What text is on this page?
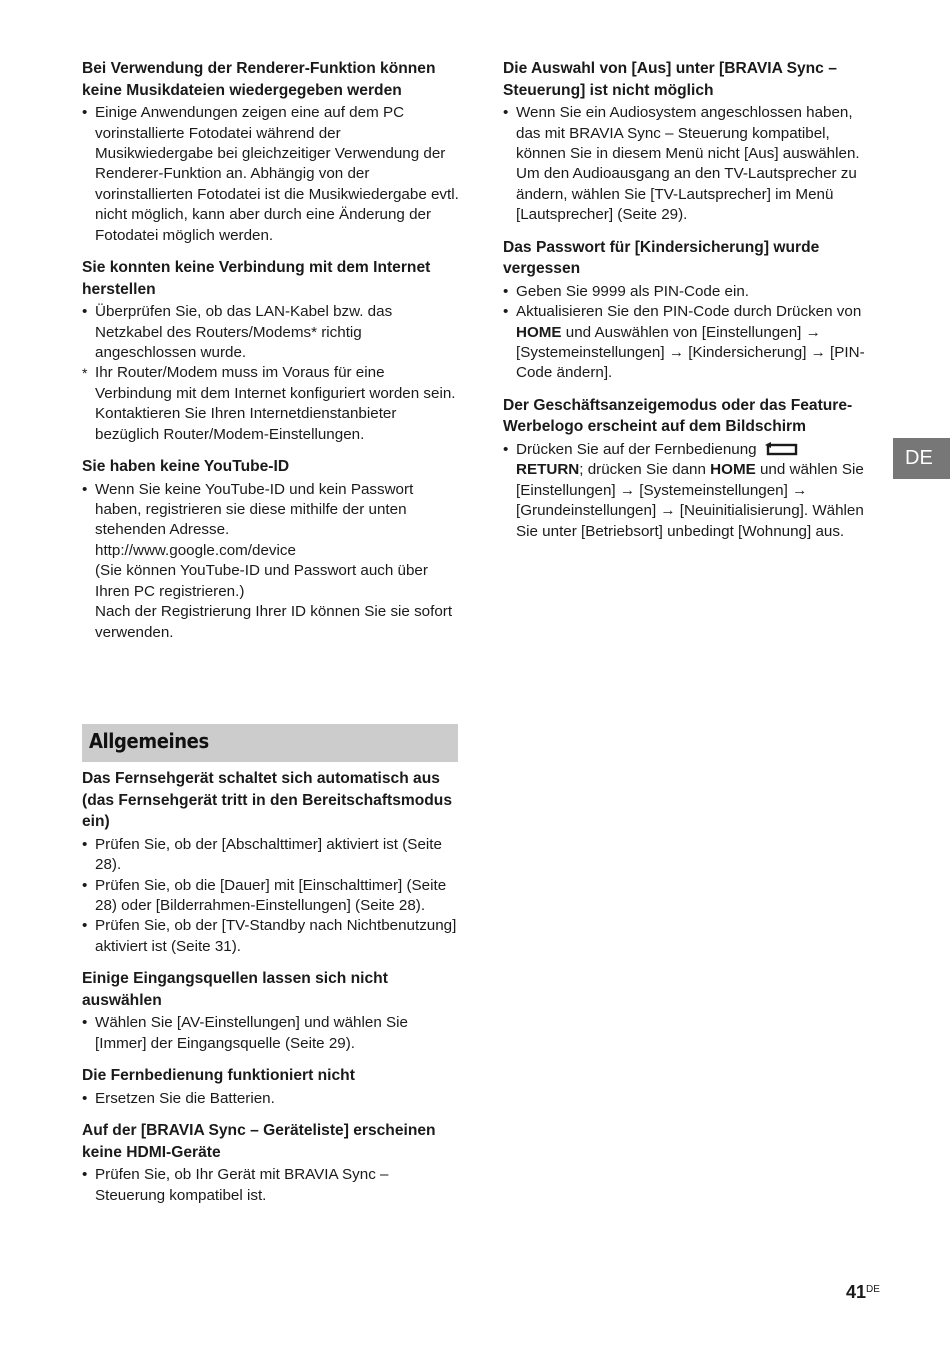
Bei Verwendung der Renderer-Funktion können keine Musikdateien wiedergegeben werden

• Einige Anwendungen zeigen eine auf dem PC vorinstallierte Fotodatei während der Musikwiedergabe bei gleichzeitiger Verwendung der Renderer-Funktion an. Abhängig von der vorinstallierten Fotodatei ist die Musikwiedergabe evtl. nicht möglich, kann aber durch eine Änderung der Fotodatei möglich werden.

Sie konnten keine Verbindung mit dem Internet herstellen

• Überprüfen Sie, ob das LAN-Kabel bzw. das Netzkabel des Routers/Modems* richtig angeschlossen wurde.
* Ihr Router/Modem muss im Voraus für eine Verbindung mit dem Internet konfiguriert worden sein. Kontaktieren Sie Ihren Internetdienstanbieter bezüglich Router/Modem-Einstellungen.

Sie haben keine YouTube-ID

• Wenn Sie keine YouTube-ID und kein Passwort haben, registrieren sie diese mithilfe der unten stehenden Adresse.
http://www.google.com/device
(Sie können YouTube-ID und Passwort auch über Ihren PC registrieren.)
Nach der Registrierung Ihrer ID können Sie sie sofort verwenden.
Allgemeines

Das Fernsehgerät schaltet sich automatisch aus (das Fernsehgerät tritt in den Bereitschaftsmodus ein)

• Prüfen Sie, ob der [Abschalttimer] aktiviert ist (Seite 28).
• Prüfen Sie, ob die [Dauer] mit [Einschalttimer] (Seite 28) oder [Bilderrahmen-Einstellungen] (Seite 28).
• Prüfen Sie, ob der [TV-Standby nach Nichtbenutzung] aktiviert ist (Seite 31).

Einige Eingangsquellen lassen sich nicht auswählen

• Wählen Sie [AV-Einstellungen] und wählen Sie [Immer] der Eingangsquelle (Seite 29).

Die Fernbedienung funktioniert nicht

• Ersetzen Sie die Batterien.

Auf der [BRAVIA Sync – Geräteliste] erscheinen keine HDMI-Geräte

• Prüfen Sie, ob Ihr Gerät mit BRAVIA Sync – Steuerung kompatibel ist.

Die Auswahl von [Aus] unter [BRAVIA Sync – Steuerung] ist nicht möglich

• Wenn Sie ein Audiosystem angeschlossen haben, das mit BRAVIA Sync – Steuerung kompatibel, können Sie in diesem Menü nicht [Aus] auswählen. Um den Audioausgang an den TV-Lautsprecher zu ändern, wählen Sie [TV-Lautsprecher] im Menü [Lautsprecher] (Seite 29).

Das Passwort für [Kindersicherung] wurde vergessen

• Geben Sie 9999 als PIN-Code ein.
• Aktualisieren Sie den PIN-Code durch Drücken von HOME und Auswählen von [Einstellungen] → [Systemeinstellungen] → [Kindersicherung] → [PIN-Code ändern].

Der Geschäftsanzeigemodus oder das Feature-Werbelogo erscheint auf dem Bildschirm

• Drücken Sie auf der Fernbedienung
RETURN; drücken Sie dann HOME und wählen Sie [Einstellungen] → [Systemeinstellungen] → [Grundeinstellungen] → [Neuinitialisierung]. Wählen Sie unter [Betriebsort] unbedingt [Wohnung] aus.
DE
41DE
